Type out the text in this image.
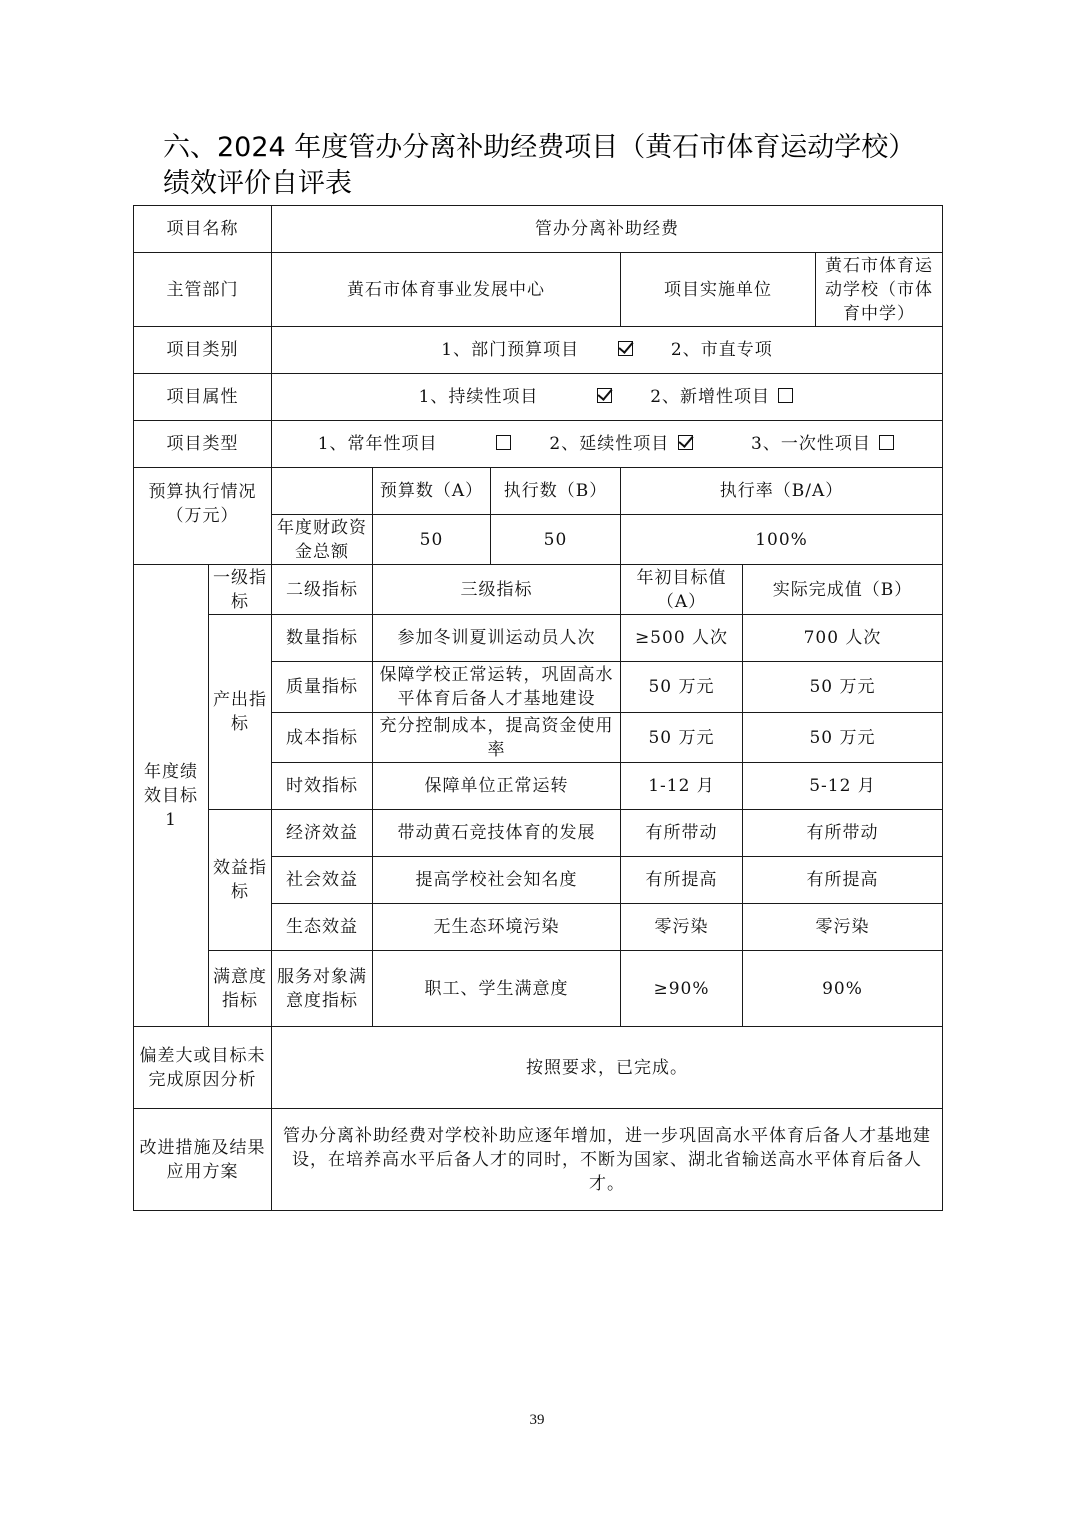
六、2024 年度管办分离补助经费项目（黄石市体育运动学校）
绩效评价自评表
项目名称		管办分离补助经费					
主管部门		黄石市体育事业发展中心			项目实施单位		黄石市体育运动学校（市体育中学）
项目类别		1、部门预算项目 2、市直专项					
项目属性		1、持续性项目 2、新增性项目					
项目类型		1、常年性项目 2、延续性项目 3、一次性项目					
预算执行情况（万元）			预算数（A）	执行数（B）	执行率（B/A）		
		年度财政资金总额	50	50	100%		
年度绩效目标 1	一级指标	二级指标	三级指标		年初目标值（A）	实际完成值（B）	
	产出指标	数量指标	参加冬训夏训运动员人次		≥500 人次	700 人次	
		质量指标	保障学校正常运转，巩固高水平体育后备人才基地建设		50 万元	50 万元	
		成本指标	充分控制成本，提高资金使用率		50 万元	50 万元	
		时效指标	保障单位正常运转		1-12 月	5-12 月	
	效益指标	经济效益	带动黄石竞技体育的发展		有所带动	有所带动	
		社会效益	提高学校社会知名度		有所提高	有所提高	
		生态效益	无生态环境污染		零污染	零污染	
	满意度指标	服务对象满意度指标	职工、学生满意度		≥90%	90%	
偏差大或目标未完成原因分析		按照要求，已完成。					
改进措施及结果应用方案		管办分离补助经费对学校补助应逐年增加，进一步巩固高水平体育后备人才基地建设，在培养高水平后备人才的同时，不断为国家、湖北省输送高水平体育后备人才。					
39
